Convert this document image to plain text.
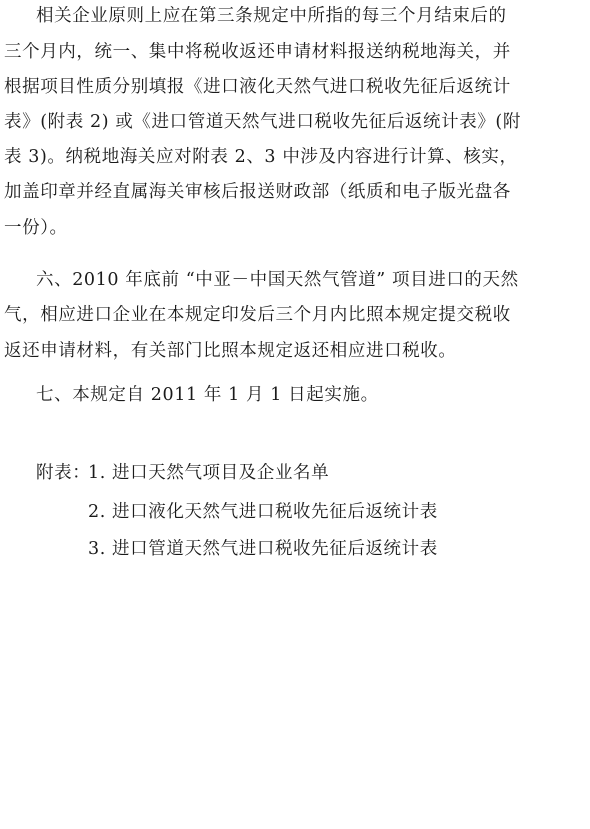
相关企业原则上应在第三条规定中所指的每三个月结束后的
三个月内，统一、集中将税收返还申请材料报送纳税地海关，并
根据项目性质分别填报《进口液化天然气进口税收先征后返统计
表》(附表 2) 或《进口管道天然气进口税收先征后返统计表》(附
表 3)。纳税地海关应对附表 2、3 中涉及内容进行计算、核实，
加盖印章并经直属海关审核后报送财政部（纸质和电子版光盘各
一份）。
六、2010 年底前 “中亚－中国天然气管道” 项目进口的天然
气，相应进口企业在本规定印发后三个月内比照本规定提交税收
返还申请材料，有关部门比照本规定返还相应进口税收。
七、本规定自 2011 年 1 月 1 日起实施。
附表：
1. 进口天然气项目及企业名单
2. 进口液化天然气进口税收先征后返统计表
3. 进口管道天然气进口税收先征后返统计表
